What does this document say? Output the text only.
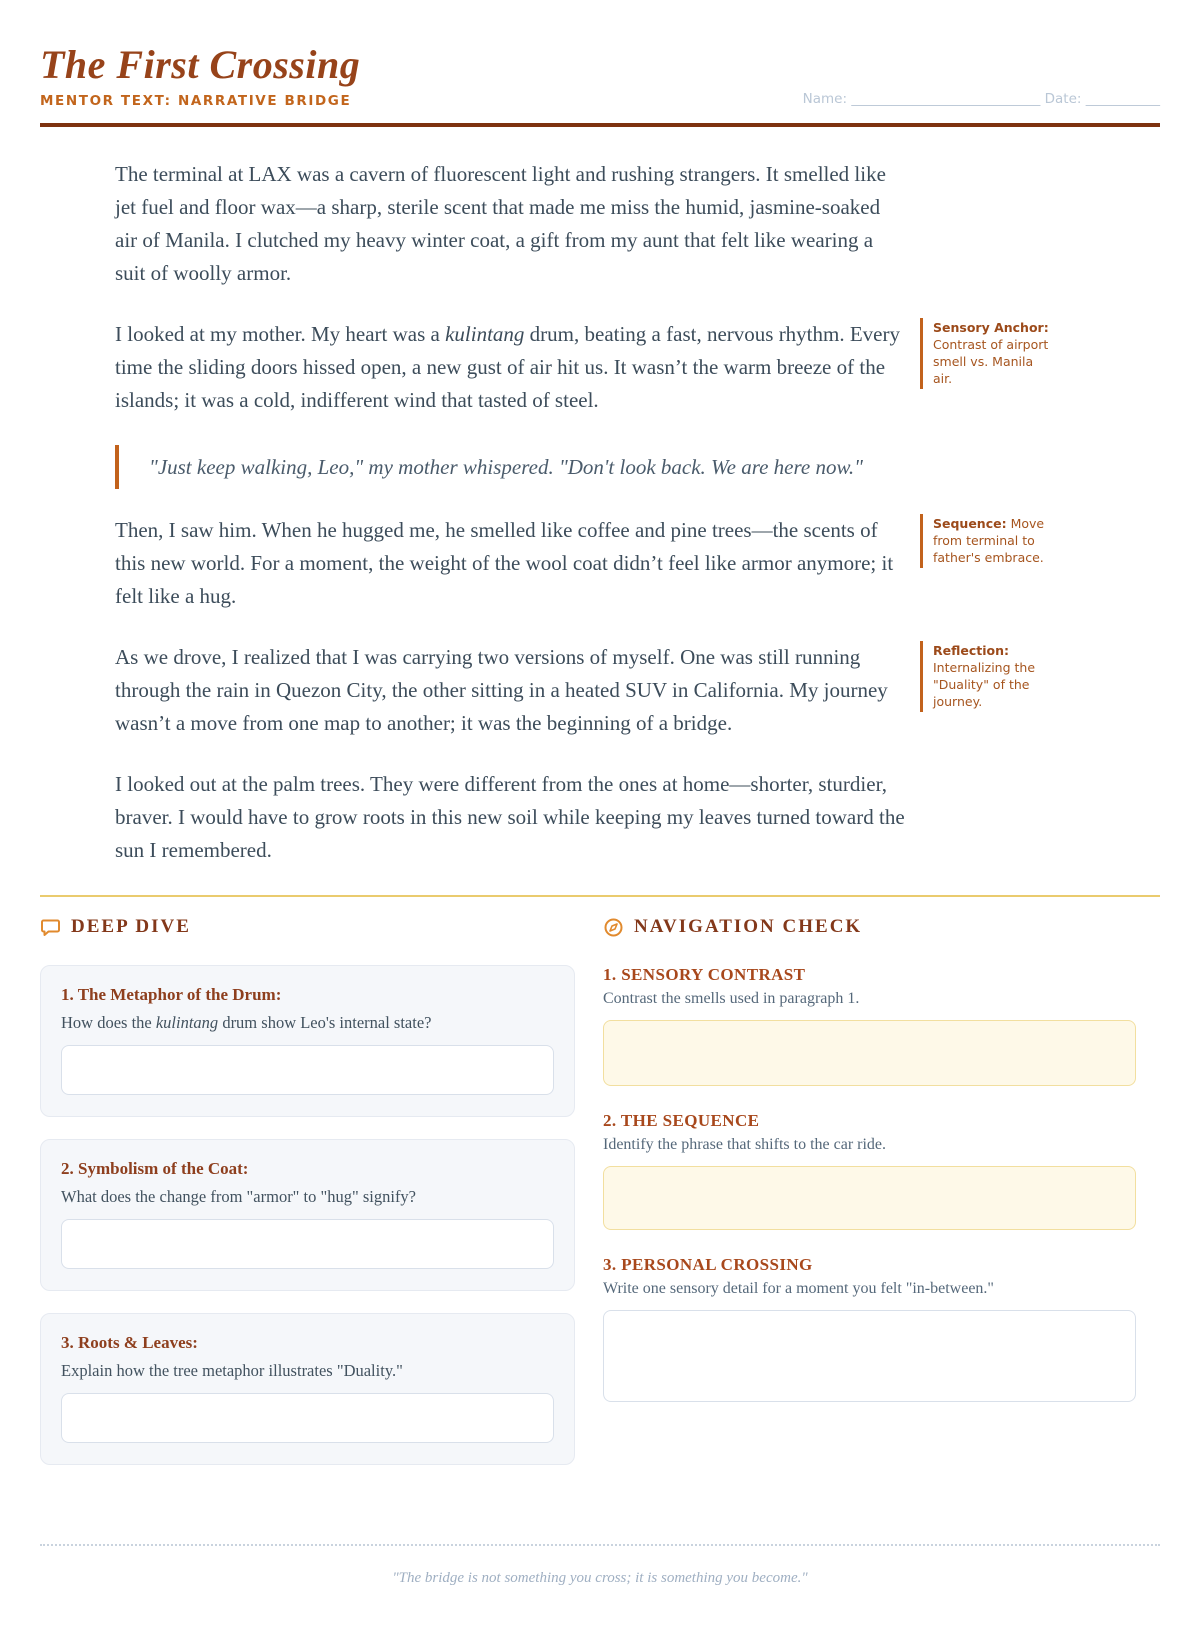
The First Crossing
MENTOR TEXT: NARRATIVE BRIDGE	Name: ____________________________ Date: ___________

The terminal at LAX was a cavern of fluorescent light and rushing strangers. It smelled like jet fuel and floor wax—a sharp, sterile scent that made me miss the humid, jasmine-soaked air of Manila. I clutched my heavy winter coat, a gift from my aunt that felt like wearing a suit of woolly armor.

I looked at my mother. My heart was a kulintang drum, beating a fast, nervous rhythm. Every time the sliding doors hissed open, a new gust of air hit us. It wasn’t the warm breeze of the islands; it was a cold, indifferent wind that tasted of steel.

Sensory Anchor: Contrast of airport smell vs. Manila air.
"Just keep walking, Leo," my mother whispered. "Don't look back. We are here now."

Then, I saw him. When he hugged me, he smelled like coffee and pine trees—the scents of this new world. For a moment, the weight of the wool coat didn’t feel like armor anymore; it felt like a hug.

Sequence: Move from terminal to father's embrace.

As we drove, I realized that I was carrying two versions of myself. One was still running through the rain in Quezon City, the other sitting in a heated SUV in California. My journey wasn’t a move from one map to another; it was the beginning of a bridge.

Reflection: Internalizing the "Duality" of the journey.

I looked out at the palm trees. They were different from the ones at home—shorter, sturdier, braver. I would have to grow roots in this new soil while keeping my leaves turned toward the sun I remembered.

DEEP DIVE
1. The Metaphor of the Drum:

How does the kulintang drum show Leo's internal state?

2. Symbolism of the Coat:

What does the change from "armor" to "hug" signify?

3. Roots & Leaves:

Explain how the tree metaphor illustrates "Duality."

NAVIGATION CHECK
1. SENSORY CONTRAST

Contrast the smells used in paragraph 1.

2. THE SEQUENCE

Identify the phrase that shifts to the car ride.

3. PERSONAL CROSSING

Write one sensory detail for a moment you felt "in-between."

"The bridge is not something you cross; it is something you become."
